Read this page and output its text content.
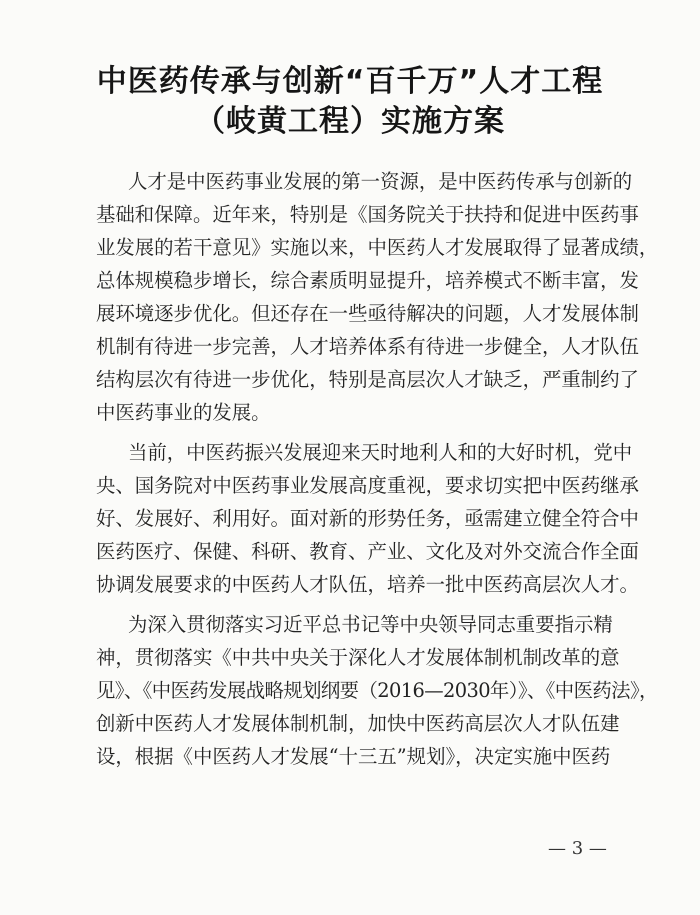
中医药传承与创新“百千万”人才工程
（岐黄工程）实施方案
人才是中医药事业发展的第一资源，是中医药传承与创新的
基础和保障。近年来，特别是《国务院关于扶持和促进中医药事
业发展的若干意见》实施以来，中医药人才发展取得了显著成绩，
总体规模稳步增长，综合素质明显提升，培养模式不断丰富，发
展环境逐步优化。但还存在一些亟待解决的问题，人才发展体制
机制有待进一步完善，人才培养体系有待进一步健全，人才队伍
结构层次有待进一步优化，特别是高层次人才缺乏，严重制约了
中医药事业的发展。
当前，中医药振兴发展迎来天时地利人和的大好时机，党中
央、国务院对中医药事业发展高度重视，要求切实把中医药继承
好、发展好、利用好。面对新的形势任务，亟需建立健全符合中
医药医疗、保健、科研、教育、产业、文化及对外交流合作全面
协调发展要求的中医药人才队伍，培养一批中医药高层次人才。
为深入贯彻落实习近平总书记等中央领导同志重要指示精
神，贯彻落实《中共中央关于深化人才发展体制机制改革的意
见》、《中医药发展战略规划纲要（2016—2030年）》、《中医药法》，
创新中医药人才发展体制机制，加快中医药高层次人才队伍建
设，根据《中医药人才发展“十三五”规划》，决定实施中医药
— 3 —
